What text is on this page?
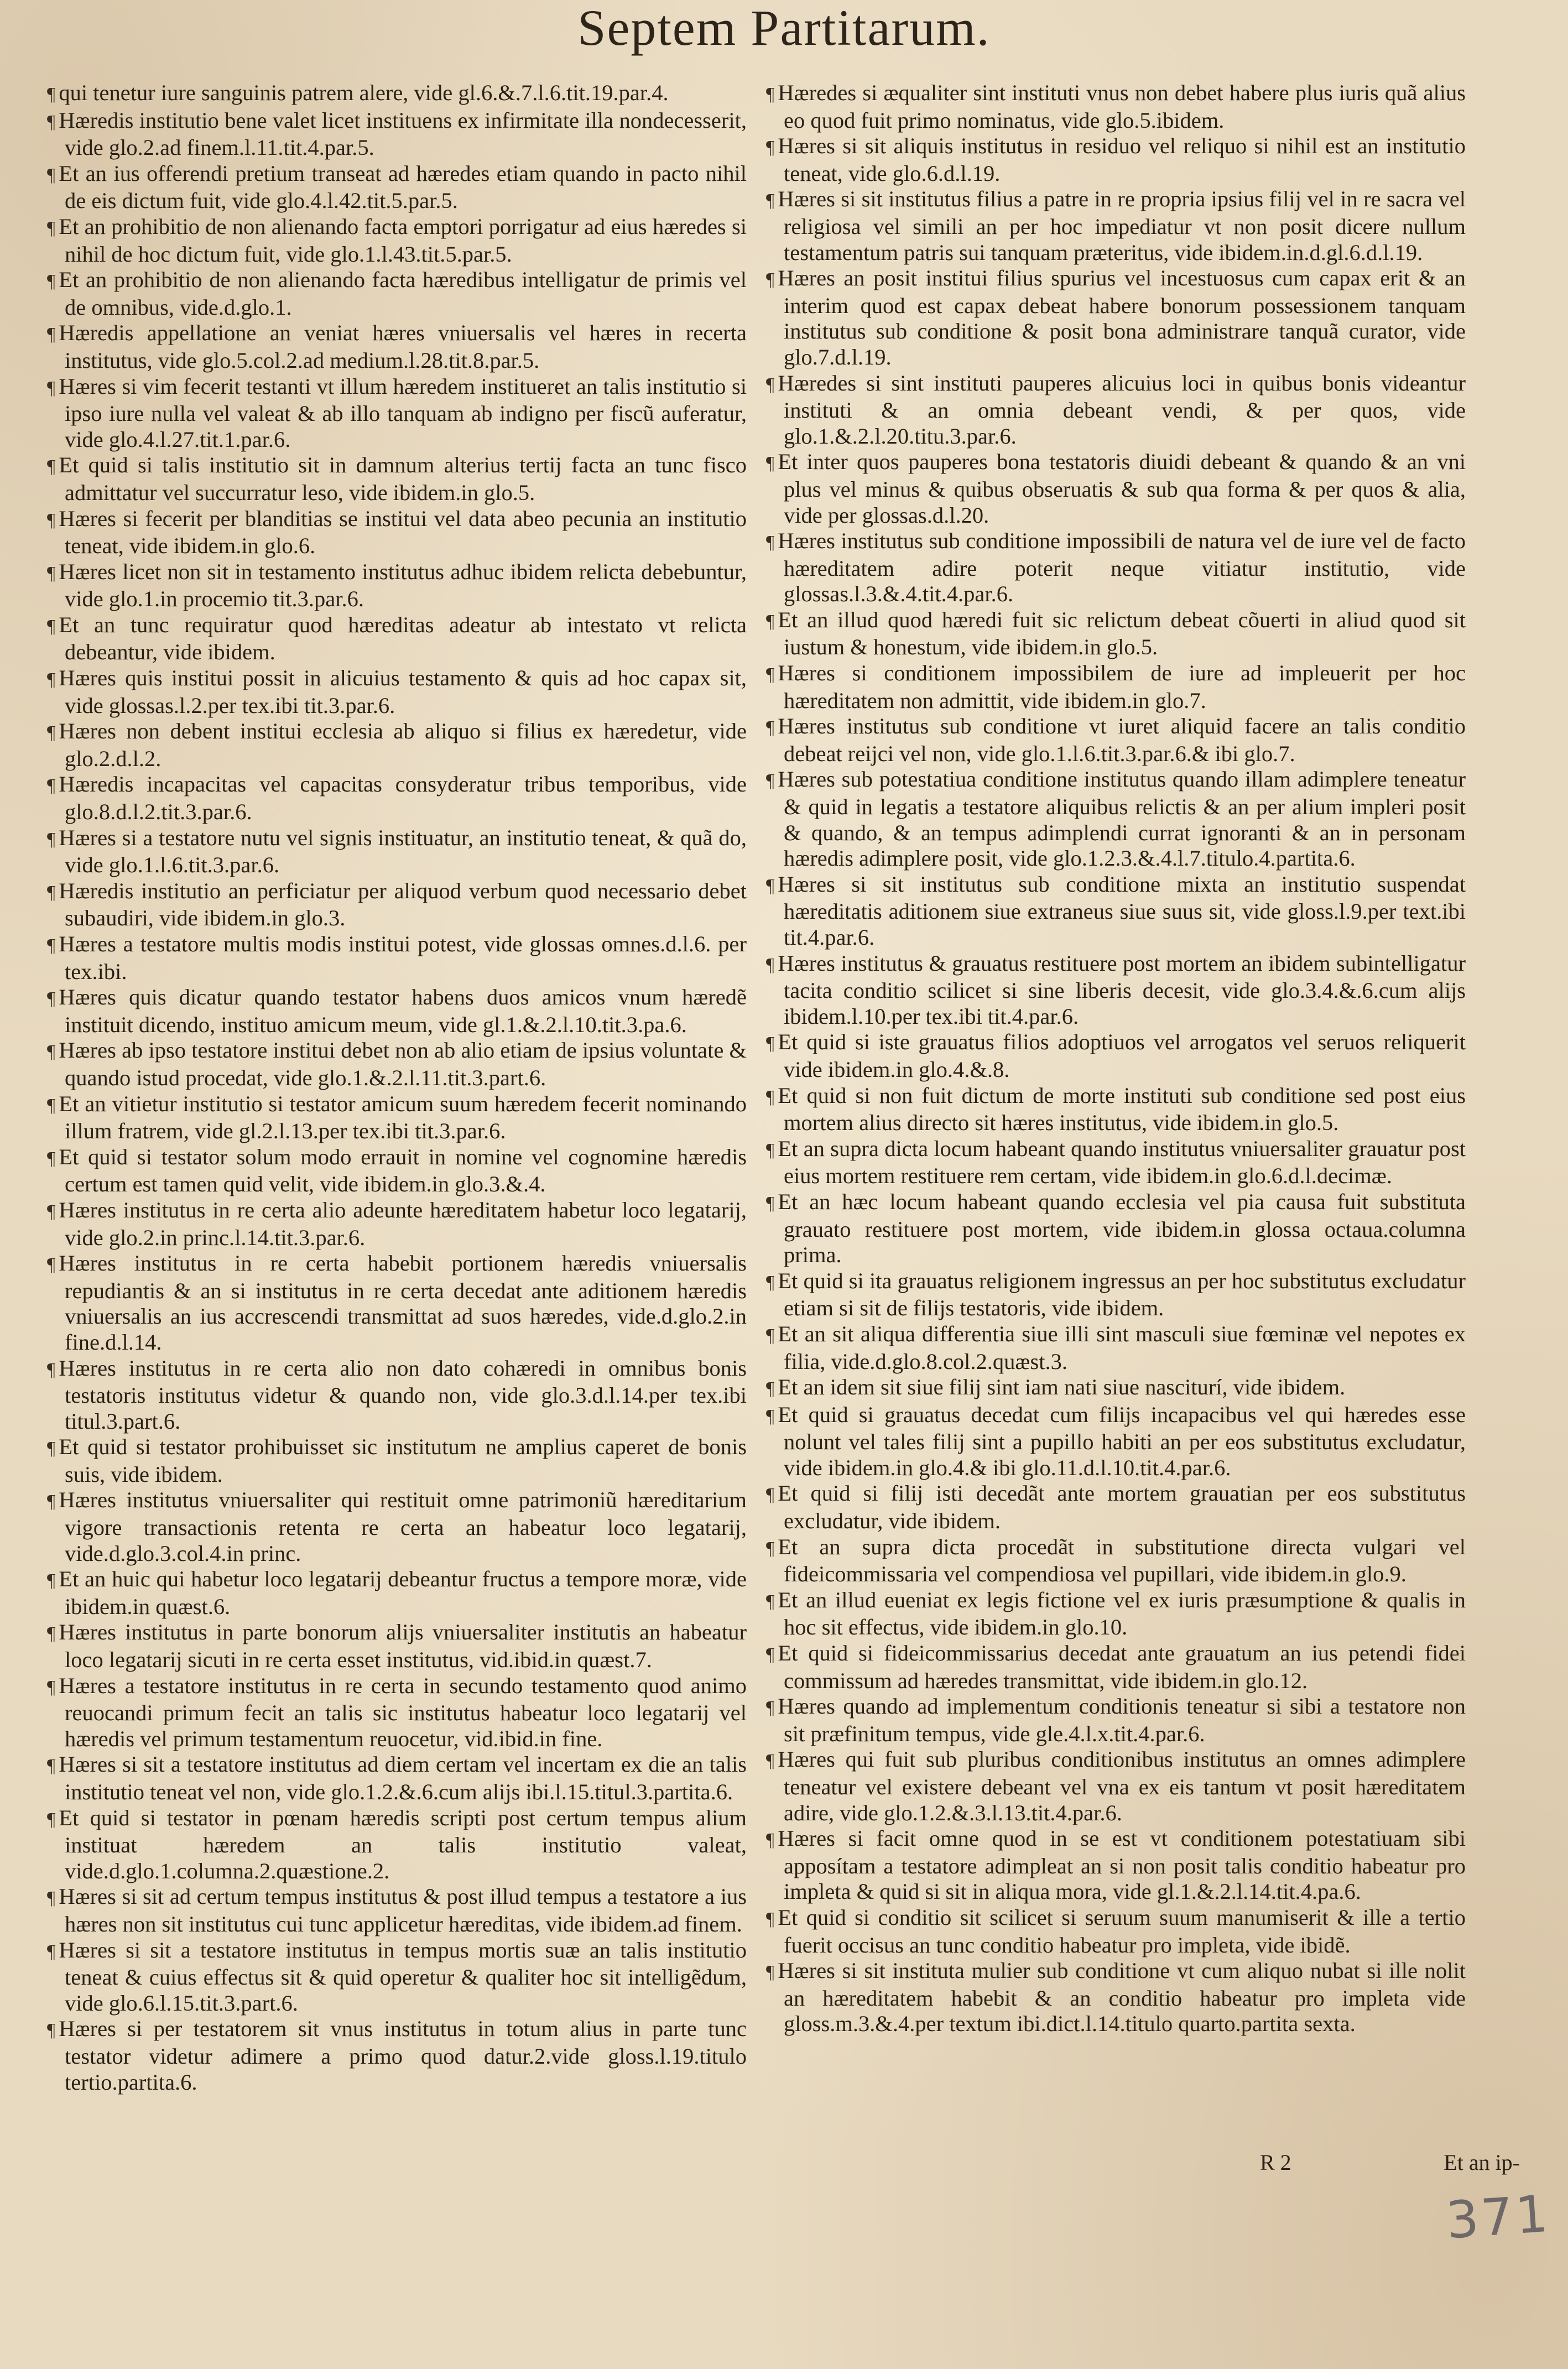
Septem Partitarum.
¶ qui tenetur iure sanguinis patrem alere, vide gl.6.&.7.l.6.tit.19.par.4.
¶ Hæredis institutio bene valet licet instituens ex infirmitate illa nondecesserit, vide glo.2.ad finem.l.11.tit.4.par.5.
¶ Et an ius offerendi pretium transeat ad hæredes etiam quando in pacto nihil de eis dictum fuit, vide glo.4.l.42.tit.5.par.5.
¶ Et an prohibitio de non alienando facta emptori porrigatur ad eius hæredes si nihil de hoc dictum fuit, vide glo.1.l.43.tit.5.par.5.
¶ Et an prohibitio de non alienando facta hæredibus intelligatur de primis vel de omnibus, vide.d.glo.1.
¶ Hæredis appellatione an veniat hæres vniuersalis vel hæres in recerta institutus, vide glo.5.col.2.ad medium.l.28.tit.8.par.5.
¶ Hæres si vim fecerit testanti vt illum hæredem institueret an talis institutio si ipso iure nulla vel valeat & ab illo tanquam ab indigno per fiscũ auferatur, vide glo.4.l.27.tit.1.par.6.
¶ Et quid si talis institutio sit in damnum alterius tertij facta an tunc fisco admittatur vel succurratur leso, vide ibidem.in glo.5.
¶ Hæres si fecerit per blanditias se institui vel data abeo pecunia an institutio teneat, vide ibidem.in glo.6.
¶ Hæres licet non sit in testamento institutus adhuc ibidem relicta debebuntur, vide glo.1.in procemio tit.3.par.6.
¶ Et an tunc requiratur quod hæreditas adeatur ab intestato vt relicta debeantur, vide ibidem.
¶ Hæres quis institui possit in alicuius testamento & quis ad hoc capax sit, vide glossas.l.2.per tex.ibi tit.3.par.6.
¶ Hæres non debent institui ecclesia ab aliquo si filius ex hæredetur, vide glo.2.d.l.2.
¶ Hæredis incapacitas vel capacitas consyderatur tribus temporibus, vide glo.8.d.l.2.tit.3.par.6.
¶ Hæres si a testatore nutu vel signis instituatur, an institutio teneat, & quã do, vide glo.1.l.6.tit.3.par.6.
¶ Hæredis institutio an perficiatur per aliquod verbum quod necessario debet subaudiri, vide ibidem.in glo.3.
¶ Hæres a testatore multis modis institui potest, vide glossas omnes.d.l.6. per tex.ibi.
¶ Hæres quis dicatur quando testator habens duos amicos vnum hæredẽ instituit dicendo, instituo amicum meum, vide gl.1.&.2.l.10.tit.3.pa.6.
¶ Hæres ab ipso testatore institui debet non ab alio etiam de ipsius voluntate & quando istud procedat, vide glo.1.&.2.l.11.tit.3.part.6.
¶ Et an vitietur institutio si testator amicum suum hæredem fecerit nominando illum fratrem, vide gl.2.l.13.per tex.ibi tit.3.par.6.
¶ Et quid si testator solum modo errauit in nomine vel cognomine hæredis certum est tamen quid velit, vide ibidem.in glo.3.&.4.
¶ Hæres institutus in re certa alio adeunte hæreditatem habetur loco legatarij, vide glo.2.in princ.l.14.tit.3.par.6.
¶ Hæres institutus in re certa habebit portionem hæredis vniuersalis repudiantis & an si institutus in re certa decedat ante aditionem hæredis vniuersalis an ius accrescendi transmittat ad suos hæredes, vide.d.glo.2.in fine.d.l.14.
¶ Hæres institutus in re certa alio non dato cohæredi in omnibus bonis testatoris institutus videtur & quando non, vide glo.3.d.l.14.per tex.ibi titul.3.part.6.
¶ Et quid si testator prohibuisset sic institutum ne amplius caperet de bonis suis, vide ibidem.
¶ Hæres institutus vniuersaliter qui restituit omne patrimoniũ hæreditarium vigore transactionis retenta re certa an habeatur loco legatarij, vide.d.glo.3.col.4.in princ.
¶ Et an huic qui habetur loco legatarij debeantur fructus a tempore moræ, vide ibidem.in quæst.6.
¶ Hæres institutus in parte bonorum alijs vniuersaliter institutis an habeatur loco legatarij sicuti in re certa esset institutus, vid.ibid.in quæst.7.
¶ Hæres a testatore institutus in re certa in secundo testamento quod animo reuocandi primum fecit an talis sic institutus habeatur loco legatarij vel hæredis vel primum testamentum reuocetur, vid.ibid.in fine.
¶ Hæres si sit a testatore institutus ad diem certam vel incertam ex die an talis institutio teneat vel non, vide glo.1.2.&.6.cum alijs ibi.l.15.titul.3.partita.6.
¶ Et quid si testator in pœnam hæredis scripti post certum tempus alium instituat hæredem an talis institutio valeat, vide.d.glo.1.columna.2.quæstione.2.
¶ Hæres si sit ad certum tempus institutus & post illud tempus a testatore a ius hæres non sit institutus cui tunc applicetur hæreditas, vide ibidem.ad finem.
¶ Hæres si sit a testatore institutus in tempus mortis suæ an talis institutio teneat & cuius effectus sit & quid operetur & qualiter hoc sit intelligẽdum, vide glo.6.l.15.tit.3.part.6.
¶ Hæres si per testatorem sit vnus institutus in totum alius in parte tunc testator videtur adimere a primo quod datur.2.vide gloss.l.19.titulo tertio.partita.6.
¶ Hæredes si æqualiter sint instituti vnus non debet habere plus iuris quã alius eo quod fuit primo nominatus, vide glo.5.ibidem.
¶ Hæres si sit aliquis institutus in residuo vel reliquo si nihil est an institutio teneat, vide glo.6.d.l.19.
¶ Hæres si sit institutus filius a patre in re propria ipsius filij vel in re sacra vel religiosa vel simili an per hoc impediatur vt non posit dicere nullum testamentum patris sui tanquam præteritus, vide ibidem.in.d.gl.6.d.l.19.
¶ Hæres an posit institui filius spurius vel incestuosus cum capax erit & an interim quod est capax debeat habere bonorum possessionem tanquam institutus sub conditione & posit bona administrare tanquã curator, vide glo.7.d.l.19.
¶ Hæredes si sint instituti pauperes alicuius loci in quibus bonis videantur instituti & an omnia debeant vendi, & per quos, vide glo.1.&.2.l.20.titu.3.par.6.
¶ Et inter quos pauperes bona testatoris diuidi debeant & quando & an vni plus vel minus & quibus obseruatis & sub qua forma & per quos & alia, vide per glossas.d.l.20.
¶ Hæres institutus sub conditione impossibili de natura vel de iure vel de facto hæreditatem adire poterit neque vitiatur institutio, vide glossas.l.3.&.4.tit.4.par.6.
¶ Et an illud quod hæredi fuit sic relictum debeat cõuerti in aliud quod sit iustum & honestum, vide ibidem.in glo.5.
¶ Hæres si conditionem impossibilem de iure ad impleuerit per hoc hæreditatem non admittit, vide ibidem.in glo.7.
¶ Hæres institutus sub conditione vt iuret aliquid facere an talis conditio debeat reijci vel non, vide glo.1.l.6.tit.3.par.6.& ibi glo.7.
¶ Hæres sub potestatiua conditione institutus quando illam adimplere teneatur & quid in legatis a testatore aliquibus relictis & an per alium impleri posit & quando, & an tempus adimplendi currat ignoranti & an in personam hæredis adimplere posit, vide glo.1.2.3.&.4.l.7.titulo.4.partita.6.
¶ Hæres si sit institutus sub conditione mixta an institutio suspendat hæreditatis aditionem siue extraneus siue suus sit, vide gloss.l.9.per text.ibi tit.4.par.6.
¶ Hæres institutus & grauatus restituere post mortem an ibidem subintelligatur tacita conditio scilicet si sine liberis decesit, vide glo.3.4.&.6.cum alijs ibidem.l.10.per tex.ibi tit.4.par.6.
¶ Et quid si iste grauatus filios adoptiuos vel arrogatos vel seruos reliquerit vide ibidem.in glo.4.&.8.
¶ Et quid si non fuit dictum de morte instituti sub conditione sed post eius mortem alius directo sit hæres institutus, vide ibidem.in glo.5.
¶ Et an supra dicta locum habeant quando institutus vniuersaliter grauatur post eius mortem restituere rem certam, vide ibidem.in glo.6.d.l.decimæ.
¶ Et an hæc locum habeant quando ecclesia vel pia causa fuit substituta grauato restituere post mortem, vide ibidem.in glossa octaua.columna prima.
¶ Et quid si ita grauatus religionem ingressus an per hoc substitutus excludatur etiam si sit de filijs testatoris, vide ibidem.
¶ Et an sit aliqua differentia siue illi sint masculi siue fœminæ vel nepotes ex filia, vide.d.glo.8.col.2.quæst.3.
¶ Et an idem sit siue filij sint iam nati siue nasciturí, vide ibidem.
¶ Et quid si grauatus decedat cum filijs incapacibus vel qui hæredes esse nolunt vel tales filij sint a pupillo habiti an per eos substitutus excludatur, vide ibidem.in glo.4.& ibi glo.11.d.l.10.tit.4.par.6.
¶ Et quid si filij isti decedãt ante mortem grauatian per eos substitutus excludatur, vide ibidem.
¶ Et an supra dicta procedãt in substitutione directa vulgari vel fideicommissaria vel compendiosa vel pupillari, vide ibidem.in glo.9.
¶ Et an illud eueniat ex legis fictione vel ex iuris præsumptione & qualis in hoc sit effectus, vide ibidem.in glo.10.
¶ Et quid si fideicommissarius decedat ante grauatum an ius petendi fidei commissum ad hæredes transmittat, vide ibidem.in glo.12.
¶ Hæres quando ad implementum conditionis teneatur si sibi a testatore non sit præfinitum tempus, vide gle.4.l.x.tit.4.par.6.
¶ Hæres qui fuit sub pluribus conditionibus institutus an omnes adimplere teneatur vel existere debeant vel vna ex eis tantum vt posit hæreditatem adire, vide glo.1.2.&.3.l.13.tit.4.par.6.
¶ Hæres si facit omne quod in se est vt conditionem potestatiuam sibi apposítam a testatore adimpleat an si non posit talis conditio habeatur pro impleta & quid si sit in aliqua mora, vide gl.1.&.2.l.14.tit.4.pa.6.
¶ Et quid si conditio sit scilicet si seruum suum manumiserit & ille a tertio fuerit occisus an tunc conditio habeatur pro impleta, vide ibidẽ.
¶ Hæres si sit instituta mulier sub conditione vt cum aliquo nubat si ille nolit an hæreditatem habebit & an conditio habeatur pro impleta vide gloss.m.3.&.4.per textum ibi.dict.l.14.titulo quarto.partita sexta.
R 2	Et an ip-
371
